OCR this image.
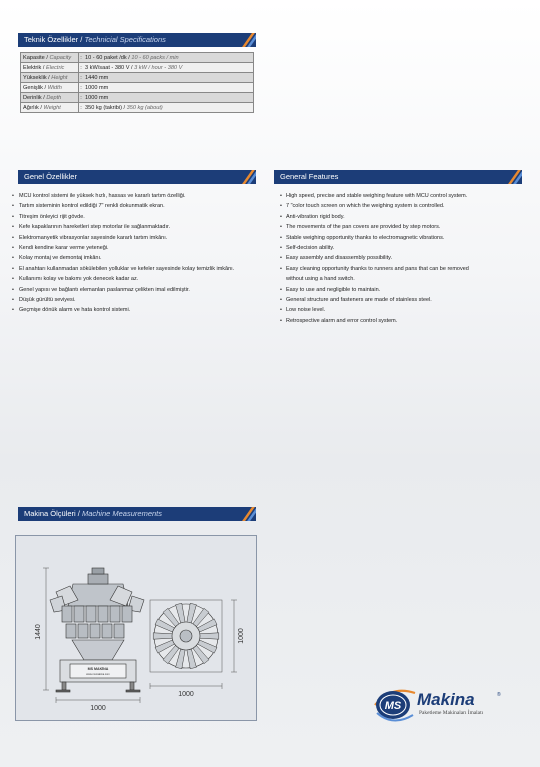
Teknik Özellikler / Technicial Specifications
Kapasite / Capacity	:	10 - 60 paket /dk / 10 - 60 packs / min
Elektrik / Electric	:	3 kW/saat - 380 V / 3 kW / hour - 380 V
Yükseklik / Height	:	1440 mm
Genişlik / Width	:	1000 mm
Derinlik / Depth	:	1000 mm
Ağırlık / Weight	:	350 kg (takribi) / 350 kg (about)
Genel Özellikler
• MCU kontrol sistemi ile yüksek hızlı, hassas ve kararlı tartım özelliği.
• Tartım sisteminin kontrol edildiği 7" renkli dokunmatik ekran.
• Titreşim önleyici rijit gövde.
• Kefe kapaklarının hareketleri step motorlar ile sağlanmaktadır.
• Elektromanyetik vibrasyonlar sayesinde kararlı tartım imkânı.
• Kendi kendine karar verme yeteneği.
• Kolay montaj ve demontaj imkânı.
• El anahtarı kullanmadan sökülebilen yolluklar ve kefeler sayesinde kolay temizlik imkânı.
• Kullanımı kolay ve bakımı yok denecek kadar az.
• Genel yapısı ve bağlantı elemanları paslanmaz çelikten imal edilmiştir.
• Düşük gürültü seviyesi.
• Geçmişe dönük alarm ve hata kontrol sistemi.
General Features
• High speed, precise and stable weighing feature with MCU control system.
• 7 "color touch screen on which the weighing system is controlled.
• Anti-vibration rigid body.
• The movements of the pan covers are provided by step motors.
• Stable weighing opportunity thanks to electromagnetic vibrations.
• Self-decision ability.
• Easy assembly and disassembly possibility.
• Easy cleaning opportunity thanks to runners and pans that can be removed
without using a hand switch.
• Easy to use and negligible to maintain.
• General structure and fasteners are made of stainless steel.
• Low noise level.
• Retrospective alarm and error control system.
Makina Ölçüleri / Machine Measurements
1440
1000
1000
1000
MS MAKİNA
www.msmakina.com
MS Makina	®
Paketleme Makinaları İmalatı
